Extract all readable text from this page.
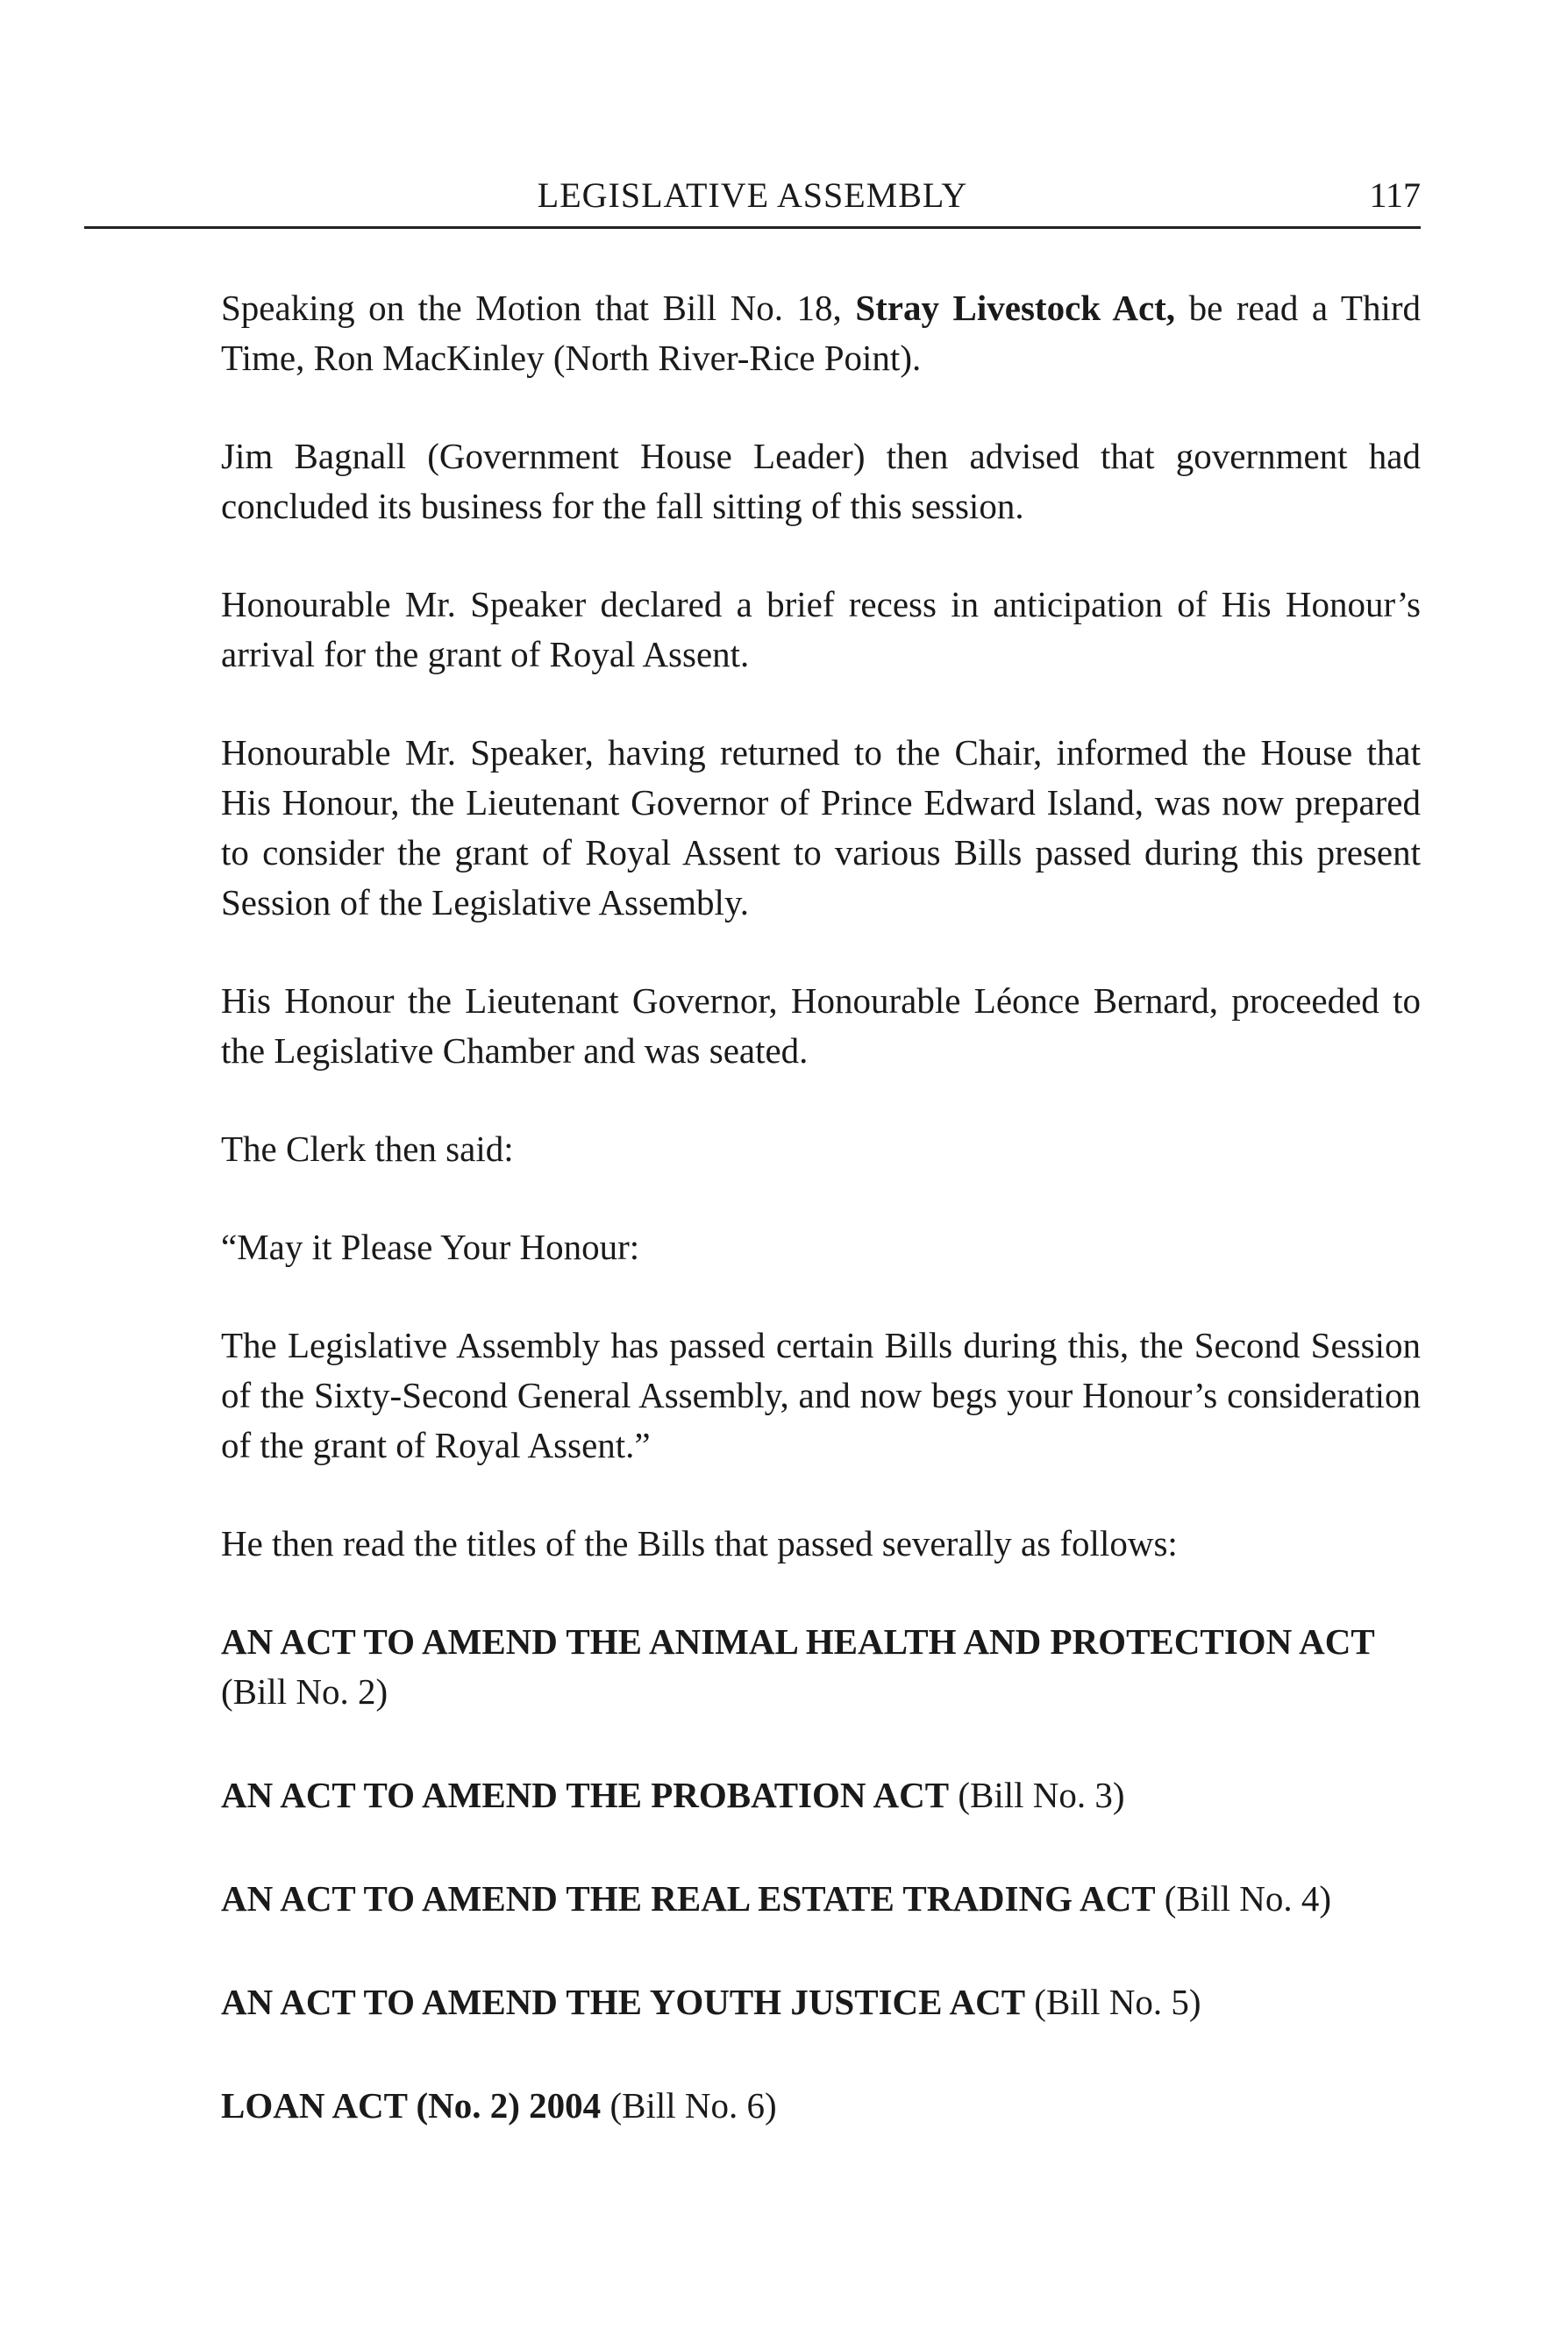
LEGISLATIVE ASSEMBLY	117

Speaking on the Motion that Bill No. 18, Stray Livestock Act, be read a Third Time, Ron MacKinley (North River-Rice Point).

Jim Bagnall (Government House Leader) then advised that government had concluded its business for the fall sitting of this session.

Honourable Mr. Speaker declared a brief recess in anticipation of His Honour’s arrival for the grant of Royal Assent.

Honourable Mr. Speaker, having returned to the Chair, informed the House that His Honour, the Lieutenant Governor of Prince Edward Island, was now prepared to consider the grant of Royal Assent to various Bills passed during this present Session of the Legislative Assembly.

His Honour the Lieutenant Governor, Honourable Léonce Bernard, proceeded to the Legislative Chamber and was seated.

The Clerk then said:

“May it Please Your Honour:

The Legislative Assembly has passed certain Bills during this, the Second Session of the Sixty-Second General Assembly, and now begs your Honour’s consideration of the grant of Royal Assent.”

He then read the titles of the Bills that passed severally as follows:

AN ACT TO AMEND THE ANIMAL HEALTH AND PROTECTION ACT (Bill No. 2)

AN ACT TO AMEND THE PROBATION ACT (Bill No. 3)

AN ACT TO AMEND THE REAL ESTATE TRADING ACT (Bill No. 4)

AN ACT TO AMEND THE YOUTH JUSTICE ACT (Bill No. 5)

LOAN ACT (No. 2) 2004 (Bill No. 6)
